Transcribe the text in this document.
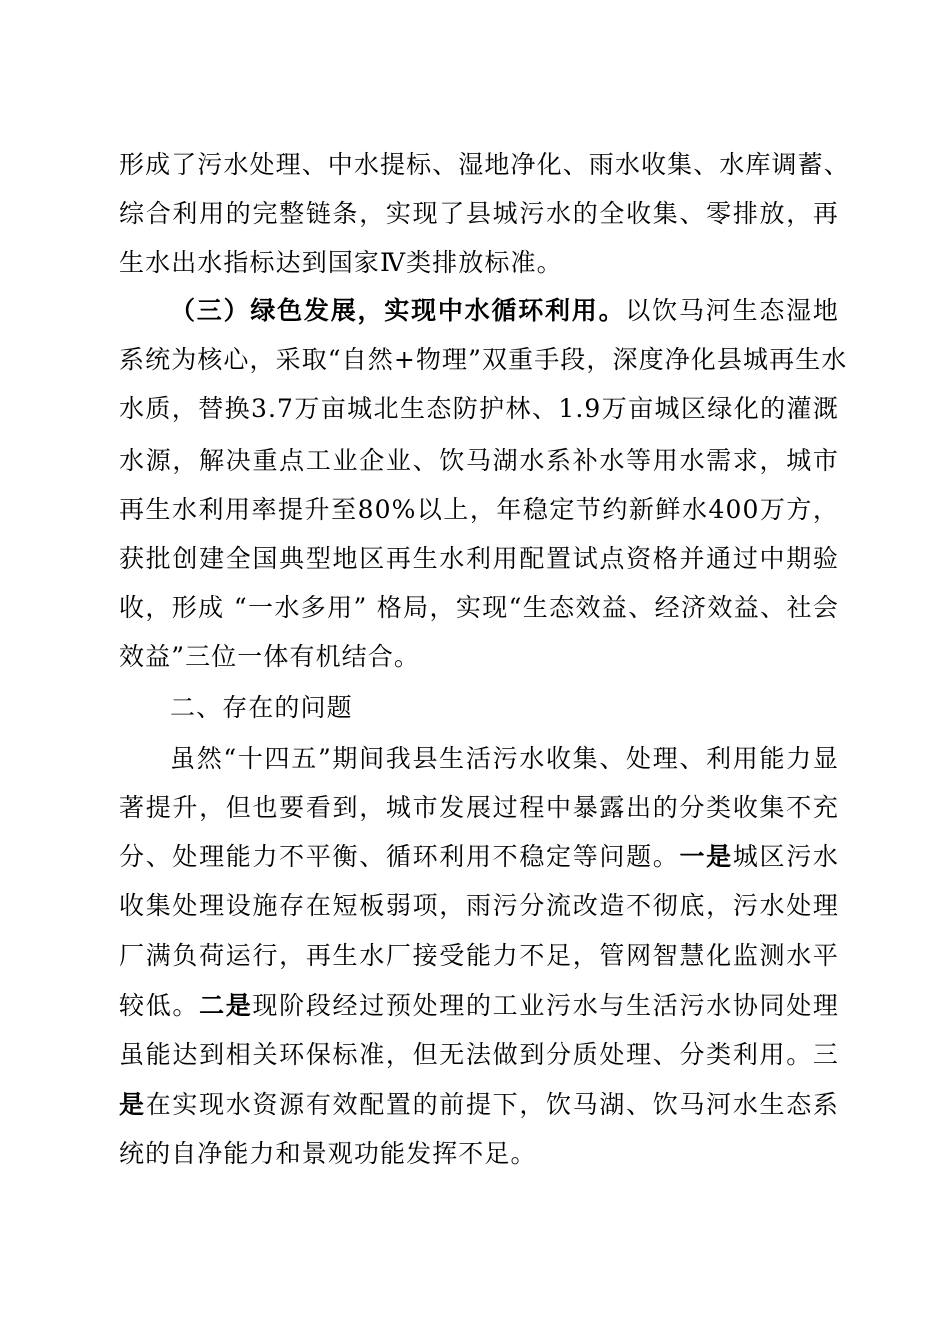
形成了污水处理、中水提标、湿地净化、雨水收集、水库调蓄、
综合利用的完整链条，实现了县城污水的全收集、零排放，再
生水出水指标达到国家Ⅳ类排放标准。
（三）绿色发展，实现中水循环利用。以饮马河生态湿地
系统为核心，采取“自然+物理”双重手段，深度净化县城再生水
水质，替换3.7万亩城北生态防护林、1.9万亩城区绿化的灌溉
水源，解决重点工业企业、饮马湖水系补水等用水需求，城市
再生水利用率提升至80%以上，年稳定节约新鲜水400万方，
获批创建全国典型地区再生水利用配置试点资格并通过中期验
收，形成 “一水多用” 格局，实现“生态效益、经济效益、社会
效益”三位一体有机结合。
二、存在的问题
虽然“十四五”期间我县生活污水收集、处理、利用能力显
著提升，但也要看到，城市发展过程中暴露出的分类收集不充
分、处理能力不平衡、循环利用不稳定等问题。一是城区污水
收集处理设施存在短板弱项，雨污分流改造不彻底，污水处理
厂满负荷运行，再生水厂接受能力不足，管网智慧化监测水平
较低。二是现阶段经过预处理的工业污水与生活污水协同处理
虽能达到相关环保标准，但无法做到分质处理、分类利用。三
是在实现水资源有效配置的前提下，饮马湖、饮马河水生态系
统的自净能力和景观功能发挥不足。
